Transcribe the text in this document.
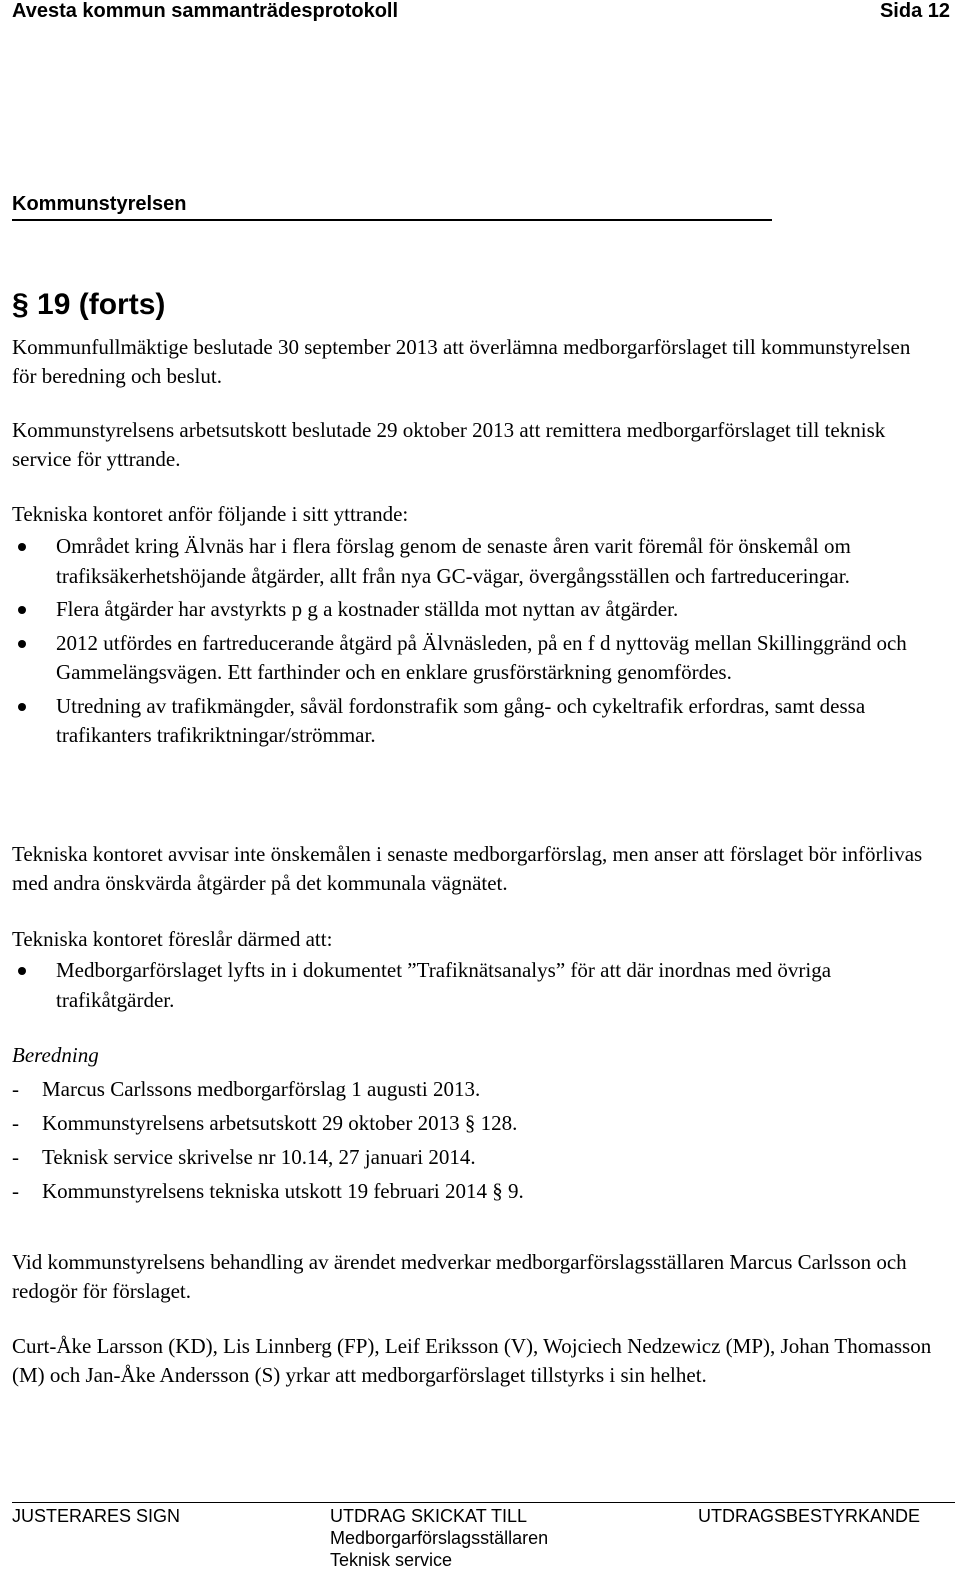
Avesta kommun sammanträdesprotokoll	Sida 12
Kommunstyrelsen
§ 19 (forts)
Kommunfullmäktige beslutade 30 september 2013 att överlämna medborgarförslaget till kommunstyrelsen för beredning och beslut.
Kommunstyrelsens arbetsutskott beslutade 29 oktober 2013 att remittera medborgarförslaget till teknisk service för yttrande.
Tekniska kontoret anför följande i sitt yttrande:
Området kring Älvnäs har i flera förslag genom de senaste åren varit föremål för önskemål om trafiksäkerhetshöjande åtgärder, allt från nya GC-vägar, övergångsställen och fartreduceringar.
Flera åtgärder har avstyrkts p g a kostnader ställda mot nyttan av åtgärder.
2012 utfördes en fartreducerande åtgärd på Älvnäsleden, på en f d nyttoväg mellan Skillinggränd och Gammelängsvägen. Ett farthinder och en enklare grusförstärkning genomfördes.
Utredning av trafikmängder, såväl fordonstrafik som gång- och cykeltrafik erfordras, samt dessa trafikanters trafikriktningar/strömmar.
Tekniska kontoret avvisar inte önskemålen i senaste medborgarförslag, men anser att förslaget bör införlivas med andra önskvärda åtgärder på det kommunala vägnätet.
Tekniska kontoret föreslår därmed att:
Medborgarförslaget lyfts in i dokumentet ”Trafiknätsanalys” för att där inordnas med övriga trafikåtgärder.
Beredning
- Marcus Carlssons medborgarförslag 1 augusti 2013.
- Kommunstyrelsens arbetsutskott 29 oktober 2013 § 128.
- Teknisk service skrivelse nr 10.14, 27 januari 2014.
- Kommunstyrelsens tekniska utskott 19 februari 2014 § 9.
Vid kommunstyrelsens behandling av ärendet medverkar medborgarförslagsställaren Marcus Carlsson och redogör för förslaget.
Curt-Åke Larsson (KD), Lis Linnberg (FP), Leif Eriksson (V), Wojciech Nedzewicz (MP), Johan Thomasson (M) och Jan-Åke Andersson (S) yrkar att medborgarförslaget tillstyrks i sin helhet.
JUSTERARES SIGN	UTDRAG SKICKAT TILL
Medborgarförslagsställaren
Teknisk service
UTDRAGSBESTYRKANDE
